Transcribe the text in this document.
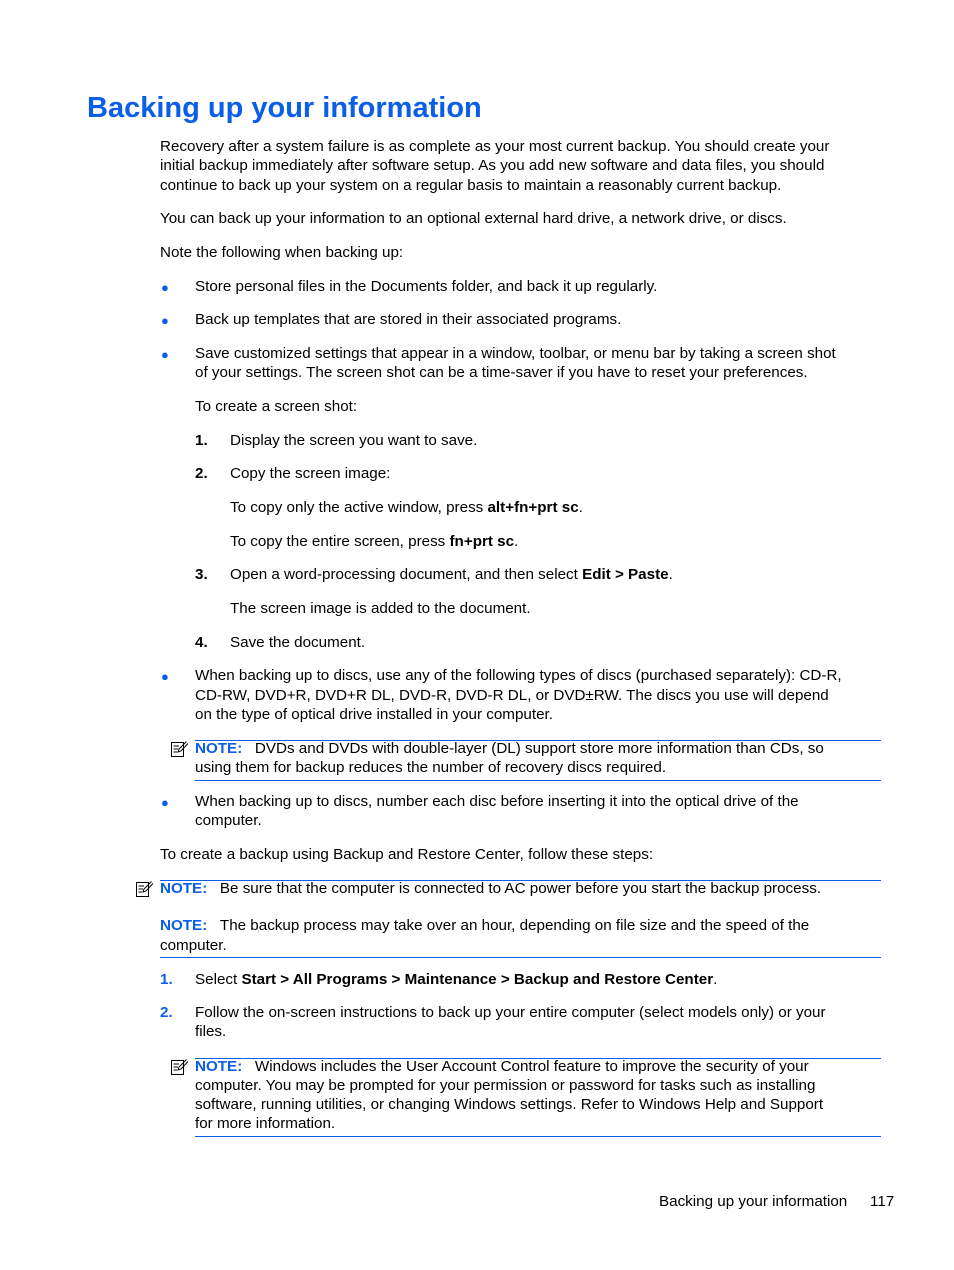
Backing up your information
Recovery after a system failure is as complete as your most current backup. You should create your
initial backup immediately after software setup. As you add new software and data files, you should
continue to back up your system on a regular basis to maintain a reasonably current backup.
You can back up your information to an optional external hard drive, a network drive, or discs.
Note the following when backing up:
● Store personal files in the Documents folder, and back it up regularly.
● Back up templates that are stored in their associated programs.
● Save customized settings that appear in a window, toolbar, or menu bar by taking a screen shot
of your settings. The screen shot can be a time-saver if you have to reset your preferences.
To create a screen shot:
1. Display the screen you want to save.
2. Copy the screen image:
To copy only the active window, press alt+fn+prt sc.
To copy the entire screen, press fn+prt sc.
3. Open a word-processing document, and then select Edit > Paste.
The screen image is added to the document.
4. Save the document.
● When backing up to discs, use any of the following types of discs (purchased separately): CD-R,
CD-RW, DVD+R, DVD+R DL, DVD-R, DVD-R DL, or DVD±RW. The discs you use will depend
on the type of optical drive installed in your computer.
NOTE: DVDs and DVDs with double-layer (DL) support store more information than CDs, so
using them for backup reduces the number of recovery discs required.
● When backing up to discs, number each disc before inserting it into the optical drive of the
computer.
To create a backup using Backup and Restore Center, follow these steps:
NOTE: Be sure that the computer is connected to AC power before you start the backup process.
NOTE: The backup process may take over an hour, depending on file size and the speed of the
computer.
1. Select Start > All Programs > Maintenance > Backup and Restore Center.
2. Follow the on-screen instructions to back up your entire computer (select models only) or your
files.
NOTE: Windows includes the User Account Control feature to improve the security of your
computer. You may be prompted for your permission or password for tasks such as installing
software, running utilities, or changing Windows settings. Refer to Windows Help and Support
for more information.
Backing up your information 117
